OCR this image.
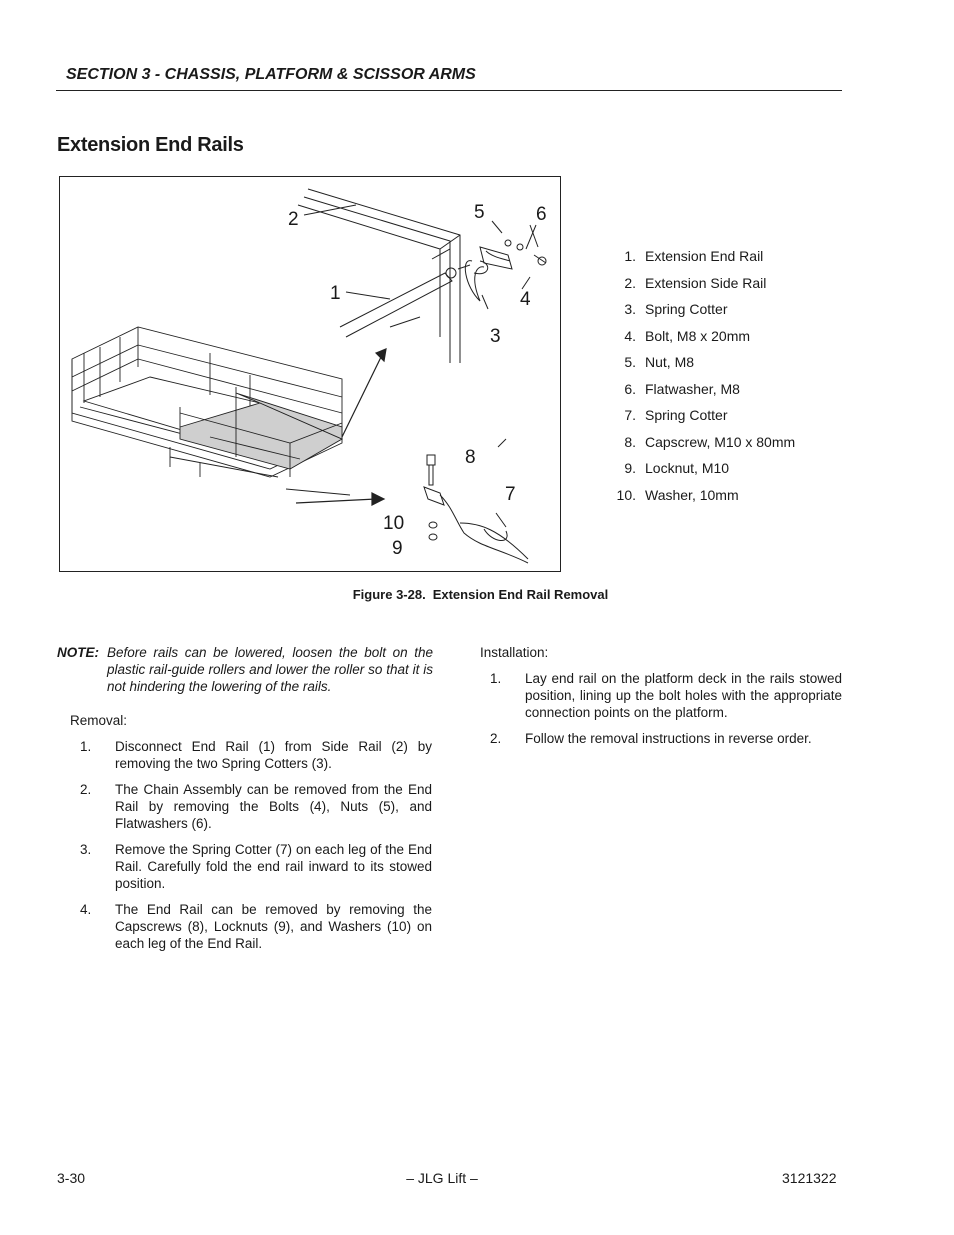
SECTION 3 - CHASSIS, PLATFORM & SCISSOR ARMS
Extension End Rails
2
1
5	6
4
3
8
7
10
9
1. Extension End Rail
2. Extension Side Rail
3. Spring Cotter
4. Bolt, M8 x 20mm
5. Nut, M8
6. Flatwasher, M8
7. Spring Cotter
8. Capscrew, M10 x 80mm
9. Locknut, M10
10. Washer, 10mm
Figure 3-28. Extension End Rail Removal
NOTE: Before rails can be lowered, loosen the bolt on the plastic rail-guide rollers and lower the roller so that it is not hindering the lowering of the rails.
Removal:
1.	Disconnect End Rail (1) from Side Rail (2) by removing the two Spring Cotters (3).
2.	The Chain Assembly can be removed from the End Rail by removing the Bolts (4), Nuts (5), and Flatwashers (6).
3.	Remove the Spring Cotter (7) on each leg of the End Rail. Carefully fold the end rail inward to its stowed position.
4.	The End Rail can be removed by removing the Capscrews (8), Locknuts (9), and Washers (10) on each leg of the End Rail.
Installation:
1.	Lay end rail on the platform deck in the rails stowed position, lining up the bolt holes with the appropriate connection points on the platform.
2.	Follow the removal instructions in reverse order.
3-30	– JLG Lift –	3121322
